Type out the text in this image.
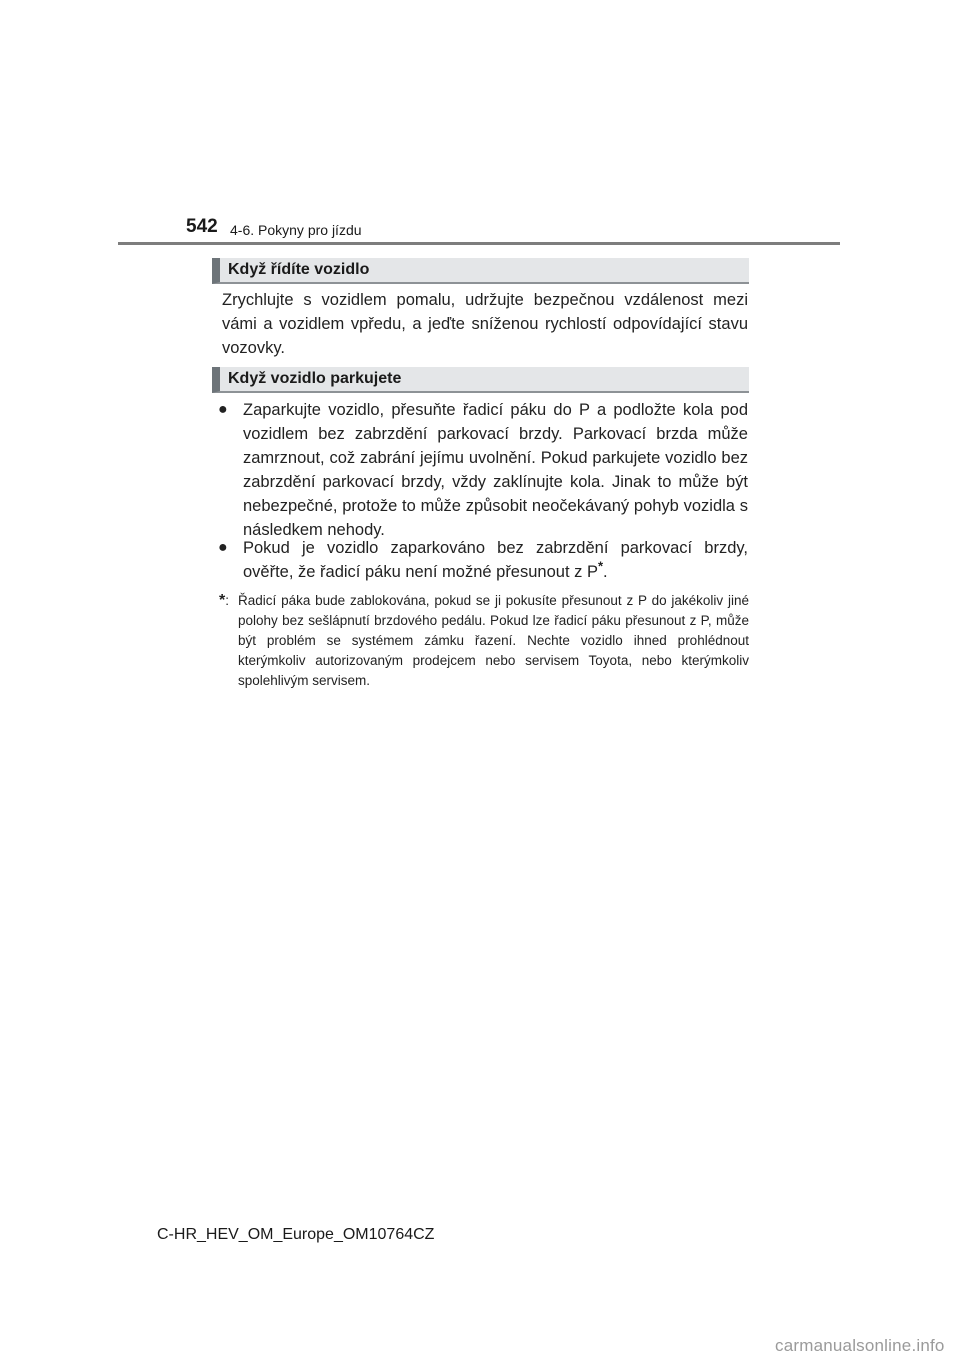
542 4-6. Pokyny pro jízdu
Když řídíte vozidlo
Zrychlujte s vozidlem pomalu, udržujte bezpečnou vzdálenost mezi vámi a vozidlem vpředu, a jeďte sníženou rychlostí odpovídající stavu vozovky.
Když vozidlo parkujete
● Zaparkujte vozidlo, přesuňte řadicí páku do P a podložte kola pod vozidlem bez zabrzdění parkovací brzdy. Parkovací brzda může zamrznout, což zabrání jejímu uvolnění. Pokud parkujete vozidlo bez zabrzdění parkovací brzdy, vždy zaklínujte kola. Jinak to může být nebezpečné, protože to může způsobit neočekávaný pohyb vozidla s následkem nehody.
● Pokud je vozidlo zaparkováno bez zabrzdění parkovací brzdy, ověřte, že řadicí páku není možné přesunout z P*.
*: Řadicí páka bude zablokována, pokud se ji pokusíte přesunout z P do jakékoliv jiné polohy bez sešlápnutí brzdového pedálu. Pokud lze řadicí páku přesunout z P, může být problém se systémem zámku řazení. Nechte vozidlo ihned prohlédnout kterýmkoliv autorizovaným prodejcem nebo servisem Toyota, nebo kterýmkoliv spolehlivým servisem.
C-HR_HEV_OM_Europe_OM10764CZ
carmanualsonline.info
